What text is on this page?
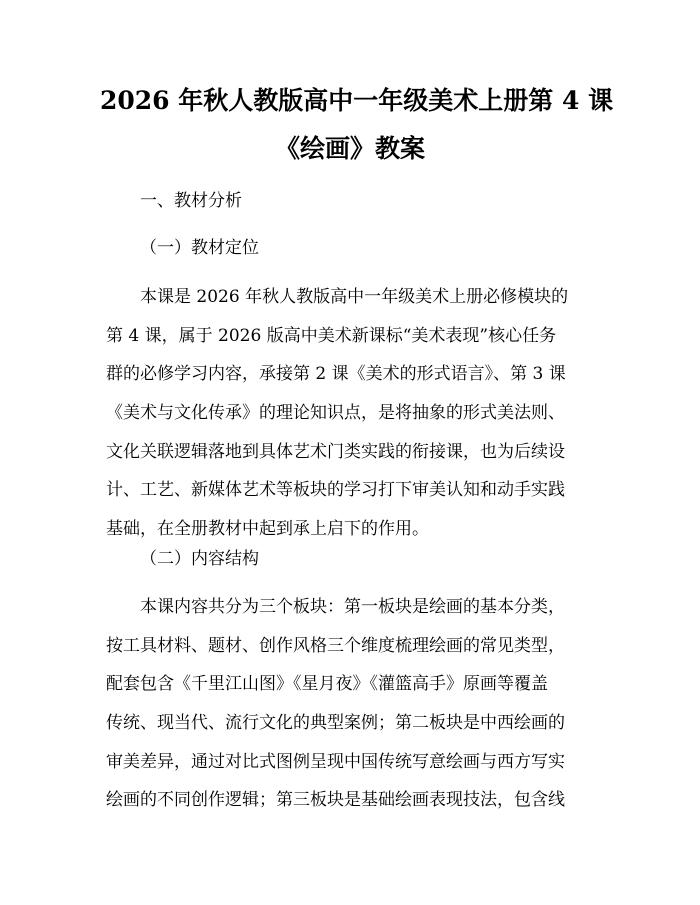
2026 年秋人教版高中一年级美术上册第 4 课
《绘画》教案

一、教材分析

（一）教材定位

本课是 2026 年秋人教版高中一年级美术上册必修模块的
第 4 课，属于 2026 版高中美术新课标“美术表现”核心任务
群的必修学习内容，承接第 2 课《美术的形式语言》、第 3 课
《美术与文化传承》的理论知识点，是将抽象的形式美法则、
文化关联逻辑落地到具体艺术门类实践的衔接课，也为后续设
计、工艺、新媒体艺术等板块的学习打下审美认知和动手实践
基础，在全册教材中起到承上启下的作用。

（二）内容结构

本课内容共分为三个板块：第一板块是绘画的基本分类，
按工具材料、题材、创作风格三个维度梳理绘画的常见类型，
配套包含《千里江山图》《星月夜》《灌篮高手》原画等覆盖
传统、现当代、流行文化的典型案例；第二板块是中西绘画的
审美差异，通过对比式图例呈现中国传统写意绘画与西方写实
绘画的不同创作逻辑；第三板块是基础绘画表现技法，包含线
